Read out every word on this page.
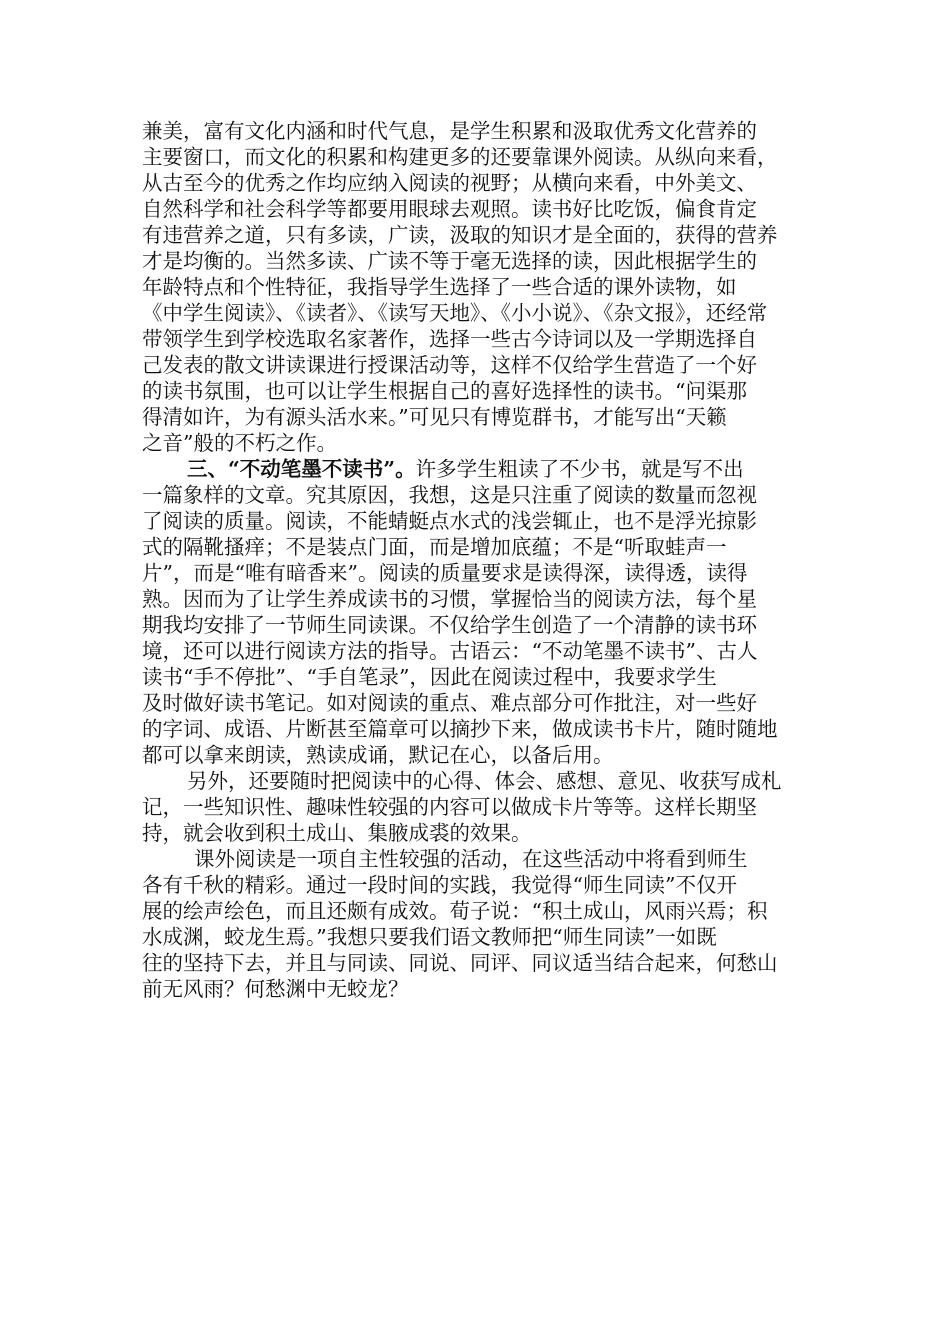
兼美，富有文化内涵和时代气息，是学生积累和汲取优秀文化营养的
主要窗口，而文化的积累和构建更多的还要靠课外阅读。从纵向来看，
从古至今的优秀之作均应纳入阅读的视野；从横向来看，中外美文、
自然科学和社会科学等都要用眼球去观照。读书好比吃饭，偏食肯定
有违营养之道，只有多读，广读，汲取的知识才是全面的，获得的营养
才是均衡的。当然多读、广读不等于毫无选择的读，因此根据学生的
年龄特点和个性特征，我指导学生选择了一些合适的课外读物，如
《中学生阅读》、《读者》、《读写天地》、《小小说》、《杂文报》，还经常
带领学生到学校选取名家著作，选择一些古今诗词以及一学期选择自
己发表的散文讲读课进行授课活动等，这样不仅给学生营造了一个好
的读书氛围，也可以让学生根据自己的喜好选择性的读书。“问渠那
得清如许，为有源头活水来。”可见只有博览群书，才能写出“天籁
之音”般的不朽之作。
三、“不动笔墨不读书”。许多学生粗读了不少书，就是写不出
一篇象样的文章。究其原因，我想，这是只注重了阅读的数量而忽视
了阅读的质量。阅读，不能蜻蜓点水式的浅尝辄止，也不是浮光掠影
式的隔靴搔痒；不是装点门面，而是增加底蕴；不是“听取蛙声一
片”，而是“唯有暗香来”。阅读的质量要求是读得深，读得透，读得
熟。因而为了让学生养成读书的习惯，掌握恰当的阅读方法，每个星
期我均安排了一节师生同读课。不仅给学生创造了一个清静的读书环
境，还可以进行阅读方法的指导。古语云：“不动笔墨不读书”、古人
读书“手不停批”、“手自笔录”，因此在阅读过程中，我要求学生
及时做好读书笔记。如对阅读的重点、难点部分可作批注，对一些好
的字词、成语、片断甚至篇章可以摘抄下来，做成读书卡片，随时随地
都可以拿来朗读，熟读成诵，默记在心，以备后用。
另外，还要随时把阅读中的心得、体会、感想、意见、收获写成札
记，一些知识性、趣味性较强的内容可以做成卡片等等。这样长期坚
持，就会收到积土成山、集腋成裘的效果。
课外阅读是一项自主性较强的活动，在这些活动中将看到师生
各有千秋的精彩。通过一段时间的实践，我觉得“师生同读”不仅开
展的绘声绘色，而且还颇有成效。荀子说：“积土成山，风雨兴焉；积
水成渊，蛟龙生焉。”我想只要我们语文教师把“师生同读”一如既
往的坚持下去，并且与同读、同说、同评、同议适当结合起来，何愁山
前无风雨？何愁渊中无蛟龙？
